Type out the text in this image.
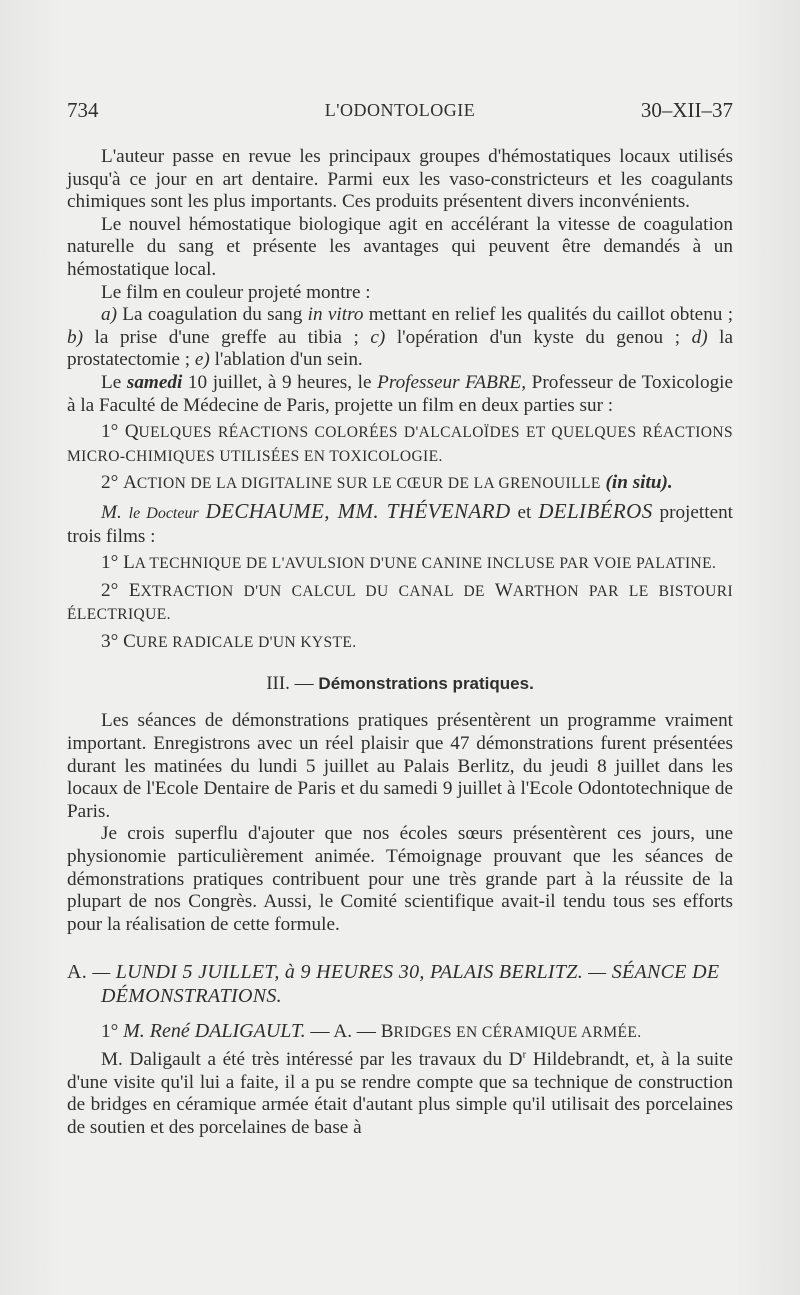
734	L'ODONTOLOGIE	30–XII–37

L'auteur passe en revue les principaux groupes d'hémostatiques locaux utilisés jusqu'à ce jour en art dentaire. Parmi eux les vaso-constricteurs et les coagulants chimiques sont les plus importants. Ces produits présentent divers inconvénients.

Le nouvel hémostatique biologique agit en accélérant la vitesse de coagulation naturelle du sang et présente les avantages qui peuvent être demandés à un hémostatique local.

Le film en couleur projeté montre :

a) La coagulation du sang in vitro mettant en relief les qualités du caillot obtenu ; b) la prise d'une greffe au tibia ; c) l'opération d'un kyste du genou ; d) la prostatectomie ; e) l'ablation d'un sein.

Le samedi 10 juillet, à 9 heures, le Professeur FABRE, Professeur de Toxicologie à la Faculté de Médecine de Paris, projette un film en deux parties sur :

1° QUELQUES RÉACTIONS COLORÉES D'ALCALOÏDES ET QUELQUES RÉACTIONS MICRO-CHIMIQUES UTILISÉES EN TOXICOLOGIE.

2° ACTION DE LA DIGITALINE SUR LE CŒUR DE LA GRENOUILLE (in situ).

M. le Docteur DECHAUME, MM. THÉVENARD et DELIBÉROS projettent trois films :

1° LA TECHNIQUE DE L'AVULSION D'UNE CANINE INCLUSE PAR VOIE PALATINE.

2° EXTRACTION D'UN CALCUL DU CANAL DE WARTHON PAR LE BISTOURI ÉLECTRIQUE.

3° CURE RADICALE D'UN KYSTE.

III. — Démonstrations pratiques.

Les séances de démonstrations pratiques présentèrent un programme vraiment important. Enregistrons avec un réel plaisir que 47 démonstrations furent présentées durant les matinées du lundi 5 juillet au Palais Berlitz, du jeudi 8 juillet dans les locaux de l'Ecole Dentaire de Paris et du samedi 9 juillet à l'Ecole Odontotechnique de Paris.

Je crois superflu d'ajouter que nos écoles sœurs présentèrent ces jours, une physionomie particulièrement animée. Témoignage prouvant que les séances de démonstrations pratiques contribuent pour une très grande part à la réussite de la plupart de nos Congrès. Aussi, le Comité scientifique avait-il tendu tous ses efforts pour la réalisation de cette formule.

A. — LUNDI 5 JUILLET, à 9 HEURES 30, PALAIS BERLITZ. — SÉANCE DE DÉMONSTRATIONS.

1° M. René DALIGAULT. — A. — BRIDGES EN CÉRAMIQUE ARMÉE.

M. Daligault a été très intéressé par les travaux du $D^r$ Hildebrandt, et, à la suite d'une visite qu'il lui a faite, il a pu se rendre compte que sa technique de construction de bridges en céramique armée était d'autant plus simple qu'il utilisait des porcelaines de soutien et des porcelaines de base à
